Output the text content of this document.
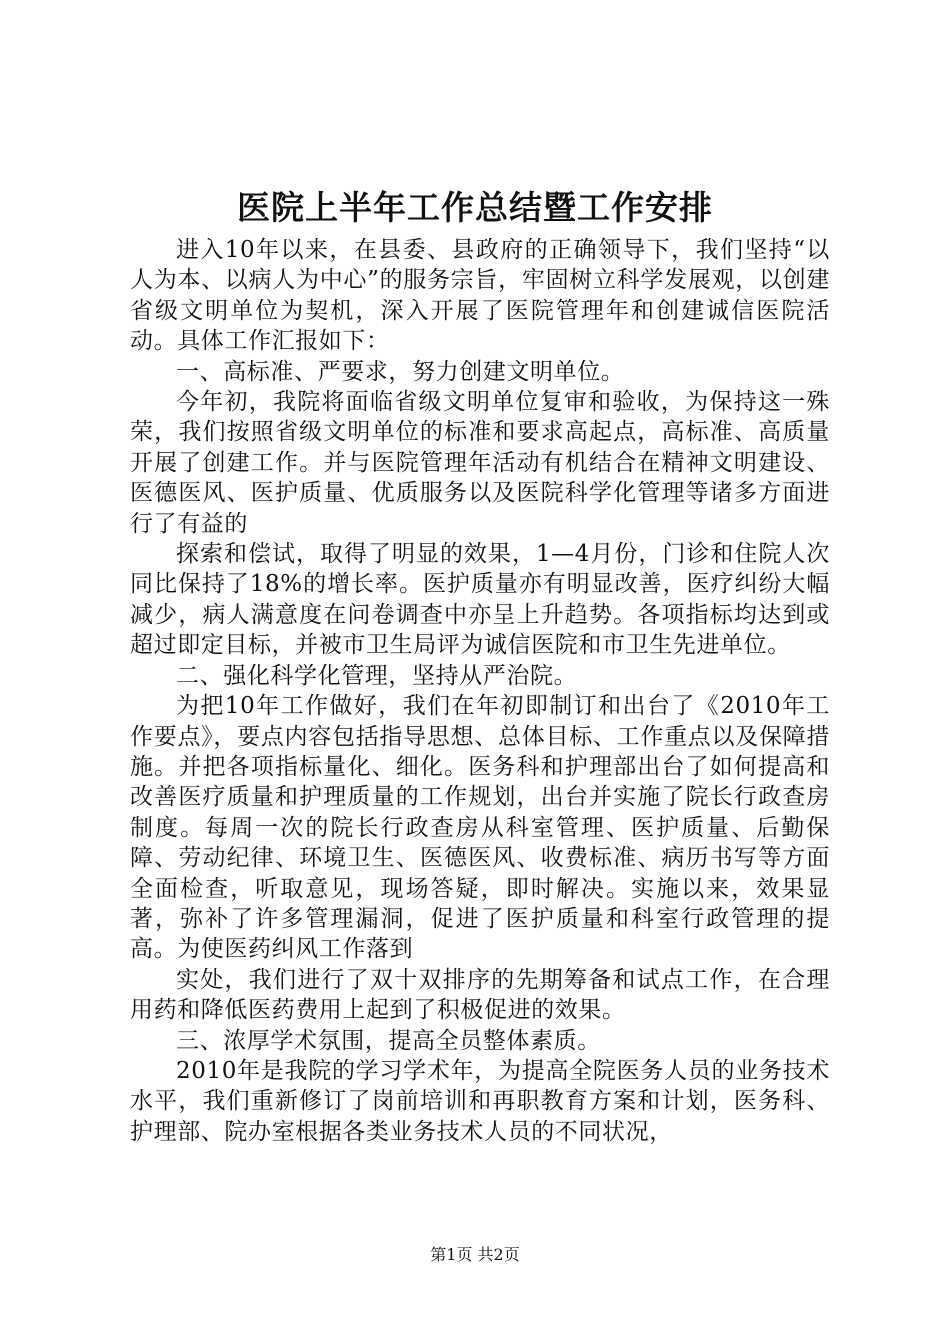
医院上半年工作总结暨工作安排

进入10年以来，在县委、县政府的正确领导下，我们坚持“以人为本、以病人为中心”的服务宗旨，牢固树立科学发展观，以创建省级文明单位为契机，深入开展了医院管理年和创建诚信医院活动。具体工作汇报如下：

一、高标准、严要求，努力创建文明单位。

今年初，我院将面临省级文明单位复审和验收，为保持这一殊荣，我们按照省级文明单位的标准和要求高起点，高标准、高质量开展了创建工作。并与医院管理年活动有机结合在精神文明建设、医德医风、医护质量、优质服务以及医院科学化管理等诸多方面进行了有益的

探索和偿试，取得了明显的效果，1—4月份，门诊和住院人次同比保持了18%的增长率。医护质量亦有明显改善，医疗纠纷大幅减少，病人满意度在问卷调查中亦呈上升趋势。各项指标均达到或超过即定目标，并被市卫生局评为诚信医院和市卫生先进单位。

二、强化科学化管理，坚持从严治院。

为把10年工作做好，我们在年初即制订和出台了《2010年工作要点》，要点内容包括指导思想、总体目标、工作重点以及保障措施。并把各项指标量化、细化。医务科和护理部出台了如何提高和改善医疗质量和护理质量的工作规划，出台并实施了院长行政查房制度。每周一次的院长行政查房从科室管理、医护质量、后勤保障、劳动纪律、环境卫生、医德医风、收费标准、病历书写等方面全面检查，听取意见，现场答疑，即时解决。实施以来，效果显著，弥补了许多管理漏洞，促进了医护质量和科室行政管理的提高。为使医药纠风工作落到

实处，我们进行了双十双排序的先期筹备和试点工作，在合理用药和降低医药费用上起到了积极促进的效果。

三、浓厚学术氛围，提高全员整体素质。

2010年是我院的学习学术年，为提高全院医务人员的业务技术水平，我们重新修订了岗前培训和再职教育方案和计划，医务科、护理部、院办室根据各类业务技术人员的不同状况，

第1页 共2页
